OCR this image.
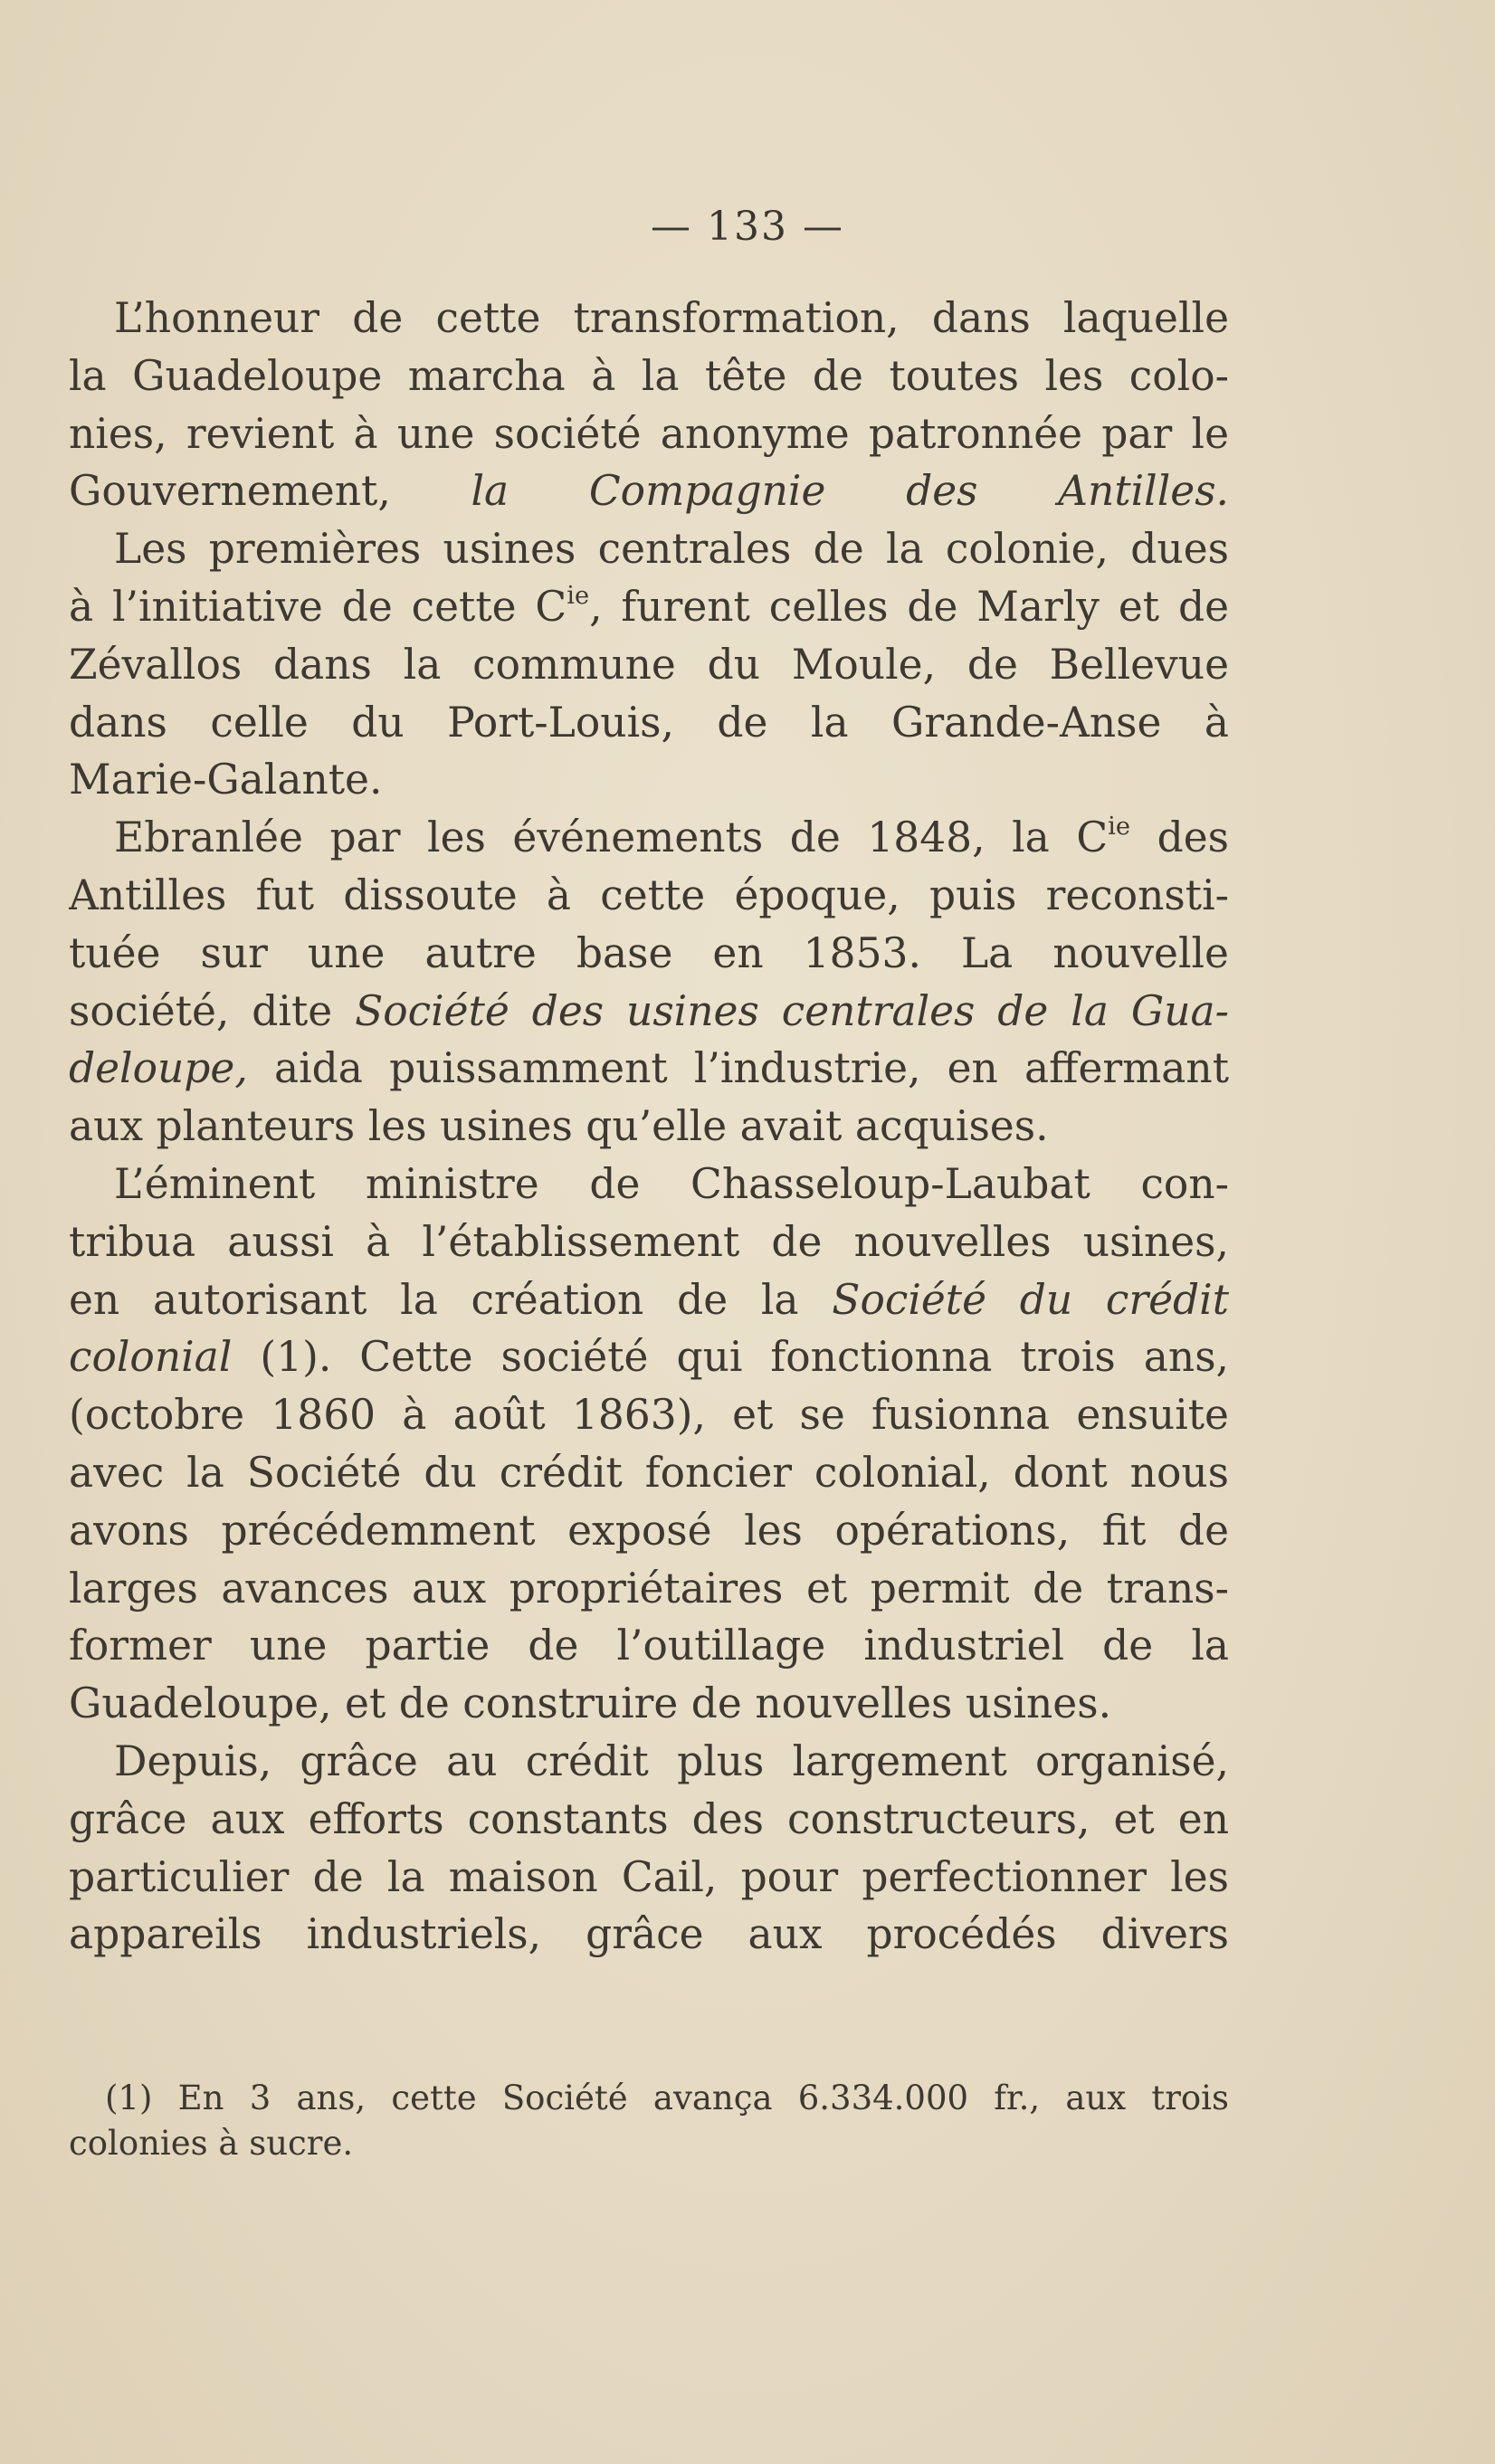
— 133 —
L’honneur de cette transformation, dans laquelle
la Guadeloupe marcha à la tête de toutes les colo-
nies, revient à une société anonyme patronnée par le
Gouvernement, la Compagnie des Antilles.
Les premières usines centrales de la colonie, dues
à l’initiative de cette $C^{ie}$, furent celles de Marly et de
Zévallos dans la commune du Moule, de Bellevue
dans celle du Port-Louis, de la Grande-Anse à
Marie-Galante.
Ebranlée par les événements de 1848, la $C^{ie}$ des
Antilles fut dissoute à cette époque, puis reconsti-
tuée sur une autre base en 1853. La nouvelle
société, dite Société des usines centrales de la Gua-
deloupe, aida puissamment l’industrie, en affermant
aux planteurs les usines qu’elle avait acquises.
L’éminent ministre de Chasseloup-Laubat con-
tribua aussi à l’établissement de nouvelles usines,
en autorisant la création de la Société du crédit
colonial (1). Cette société qui fonctionna trois ans,
(octobre 1860 à août 1863), et se fusionna ensuite
avec la Société du crédit foncier colonial, dont nous
avons précédemment exposé les opérations, fit de
larges avances aux propriétaires et permit de trans-
former une partie de l’outillage industriel de la
Guadeloupe, et de construire de nouvelles usines.
Depuis, grâce au crédit plus largement organisé,
grâce aux efforts constants des constructeurs, et en
particulier de la maison Cail, pour perfectionner les
appareils industriels, grâce aux procédés divers
(1) En 3 ans, cette Société avança 6.334.000 fr., aux trois
colonies à sucre.
